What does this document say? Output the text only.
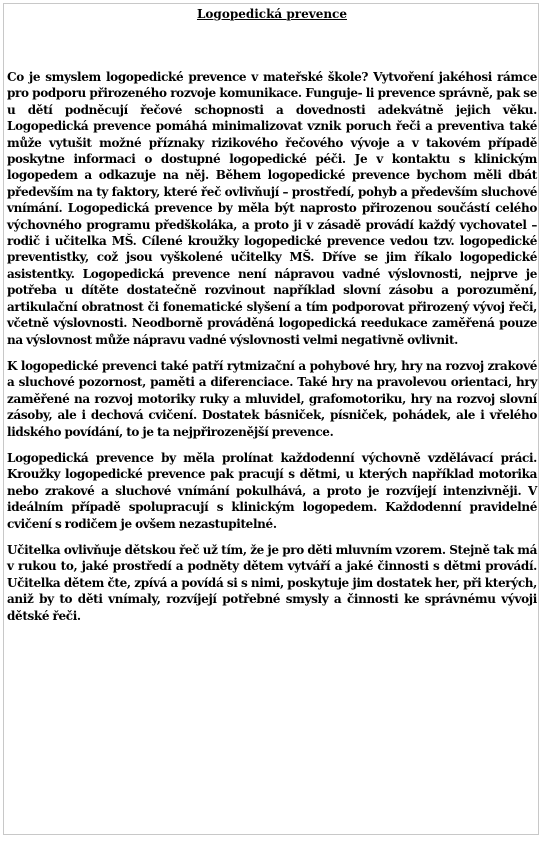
Logopedická prevence

Co je smyslem logopedické prevence v mateřské škole? Vytvoření jakéhosi rámce pro podporu přirozeného rozvoje komunikace. Funguje- li prevence správně, pak se u dětí podněcují řečové schopnosti a dovednosti adekvátně jejich věku. Logopedická prevence pomáhá minimalizovat vznik poruch řeči a preventiva také může vytušit možné příznaky rizikového řečového vývoje a v takovém případě poskytne informaci o dostupné logopedické péči. Je v kontaktu s klinickým logopedem a odkazuje na něj. Během logopedické prevence bychom měli dbát především na ty faktory, které řeč ovlivňují – prostředí, pohyb a především sluchové vnímání. Logopedická prevence by měla být naprosto přirozenou součástí celého výchovného programu předškoláka, a proto ji v zásadě provádí každý vychovatel – rodič i učitelka MŠ. Cílené kroužky logopedické prevence vedou tzv. logopedické preventistky, což jsou vyškolené učitelky MŠ. Dříve se jim říkalo logopedické asistentky. Logopedická prevence není nápravou vadné výslovnosti, nejprve je potřeba u dítěte dostatečně rozvinout například slovní zásobu a porozumění, artikulační obratnost či fonematické slyšení a tím podporovat přirozený vývoj řeči, včetně výslovnosti. Neodborně prováděná logopedická reedukace zaměřená pouze na výslovnost může nápravu vadné výslovnosti velmi negativně ovlivnit.

K logopedické prevenci také patří rytmizační a pohybové hry, hry na rozvoj zrakové a sluchové pozornost, paměti a diferenciace. Také hry na pravolevou orientaci, hry zaměřené na rozvoj motoriky ruky a mluvidel, grafomotoriku, hry na rozvoj slovní zásoby, ale i dechová cvičení. Dostatek básniček, písniček, pohádek, ale i vřelého lidského povídání, to je ta nejpřirozenější prevence.

Logopedická prevence by měla prolínat každodenní výchovně vzdělávací práci. Kroužky logopedické prevence pak pracují s dětmi, u kterých například motorika nebo zrakové a sluchové vnímání pokulhává, a proto je rozvíjejí intenzivněji. V ideálním případě spolupracují s klinickým logopedem. Každodenní pravidelné cvičení s rodičem je ovšem nezastupitelné.

Učitelka ovlivňuje dětskou řeč už tím, že je pro děti mluvním vzorem. Stejně tak má v rukou to, jaké prostředí a podněty dětem vytváří a jaké činnosti s dětmi provádí. Učitelka dětem čte, zpívá a povídá si s nimi, poskytuje jim dostatek her, při kterých, aniž by to děti vnímaly, rozvíjejí potřebné smysly a činnosti ke správnému vývoji dětské řeči.
